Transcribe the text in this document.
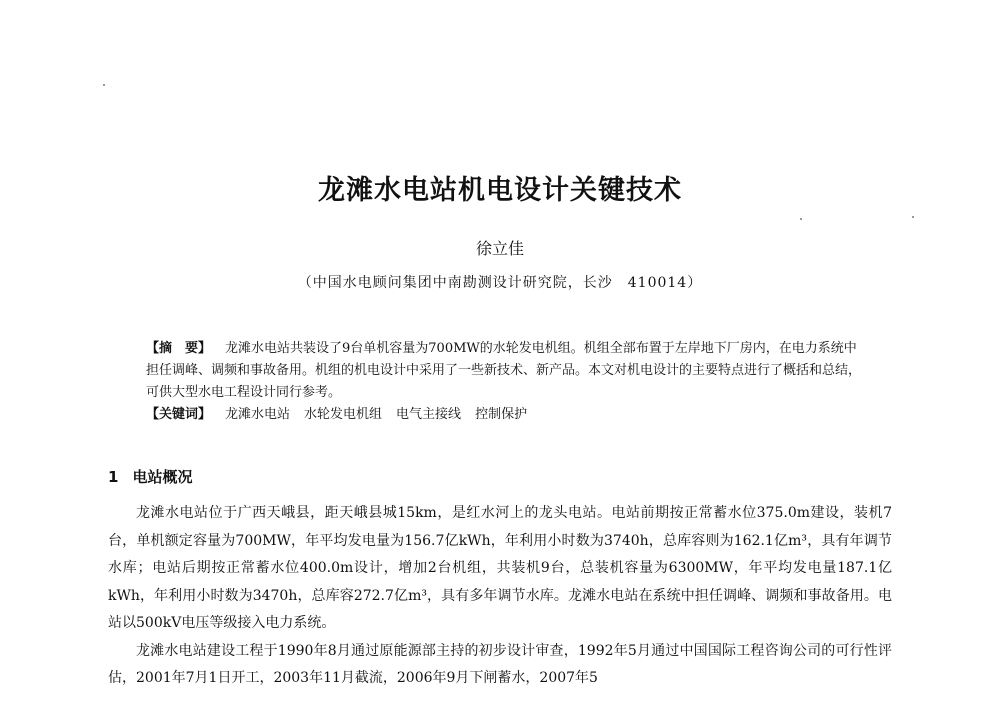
龙滩水电站机电设计关键技术
徐立佳
（中国水电顾问集团中南勘测设计研究院，长沙　410014）

【摘　要】 龙滩水电站共装设了9台单机容量为700MW的水轮发电机组。机组全部布置于左岸地下厂房内，在电力系统中担任调峰、调频和事故备用。机组的机电设计中采用了一些新技术、新产品。本文对机电设计的主要特点进行了概括和总结，可供大型水电工程设计同行参考。

【关键词】 龙滩水电站 水轮发电机组 电气主接线 控制保护

1 电站概况

龙滩水电站位于广西天峨县，距天峨县城15km，是红水河上的龙头电站。电站前期按正常蓄水位375.0m建设，装机7台，单机额定容量为700MW，年平均发电量为156.7亿kWh，年利用小时数为3740h，总库容则为162.1亿m³，具有年调节水库；电站后期按正常蓄水位400.0m设计，增加2台机组，共装机9台，总装机容量为6300MW，年平均发电量187.1亿kWh，年利用小时数为3470h，总库容272.7亿m³，具有多年调节水库。龙滩水电站在系统中担任调峰、调频和事故备用。电站以500kV电压等级接入电力系统。

龙滩水电站建设工程于1990年8月通过原能源部主持的初步设计审查，1992年5月通过中国国际工程咨询公司的可行性评估，2001年7月1日开工，2003年11月截流，2006年9月下闸蓄水，2007年5
